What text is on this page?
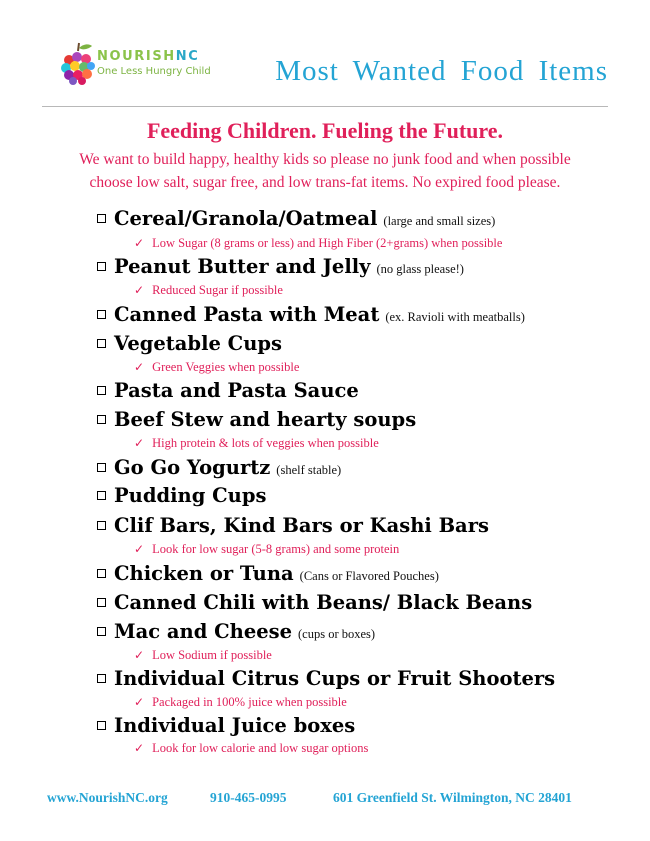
NOURISHNC
One Less Hungry Child Most Wanted Food Items
Feeding Children. Fueling the Future.
We want to build happy, healthy kids so please no junk food and when possible
choose low salt, sugar free, and low trans-fat items. No expired food please.
Cereal/Granola/Oatmeal (large and small sizes)
✓ Low Sugar (8 grams or less) and High Fiber (2+grams) when possible
Peanut Butter and Jelly (no glass please!)
✓ Reduced Sugar if possible
Canned Pasta with Meat (ex. Ravioli with meatballs)
Vegetable Cups
✓ Green Veggies when possible
Pasta and Pasta Sauce
Beef Stew and hearty soups
✓ High protein & lots of veggies when possible
Go Go Yogurtz (shelf stable)
Pudding Cups
Clif Bars, Kind Bars or Kashi Bars
✓ Look for low sugar (5-8 grams) and some protein
Chicken or Tuna (Cans or Flavored Pouches)
Canned Chili with Beans/ Black Beans
Mac and Cheese (cups or boxes)
✓ Low Sodium if possible
Individual Citrus Cups or Fruit Shooters
✓ Packaged in 100% juice when possible
Individual Juice boxes
✓ Look for low calorie and low sugar options
www.NourishNC.org	910-465-0995	601 Greenfield St. Wilmington, NC 28401
